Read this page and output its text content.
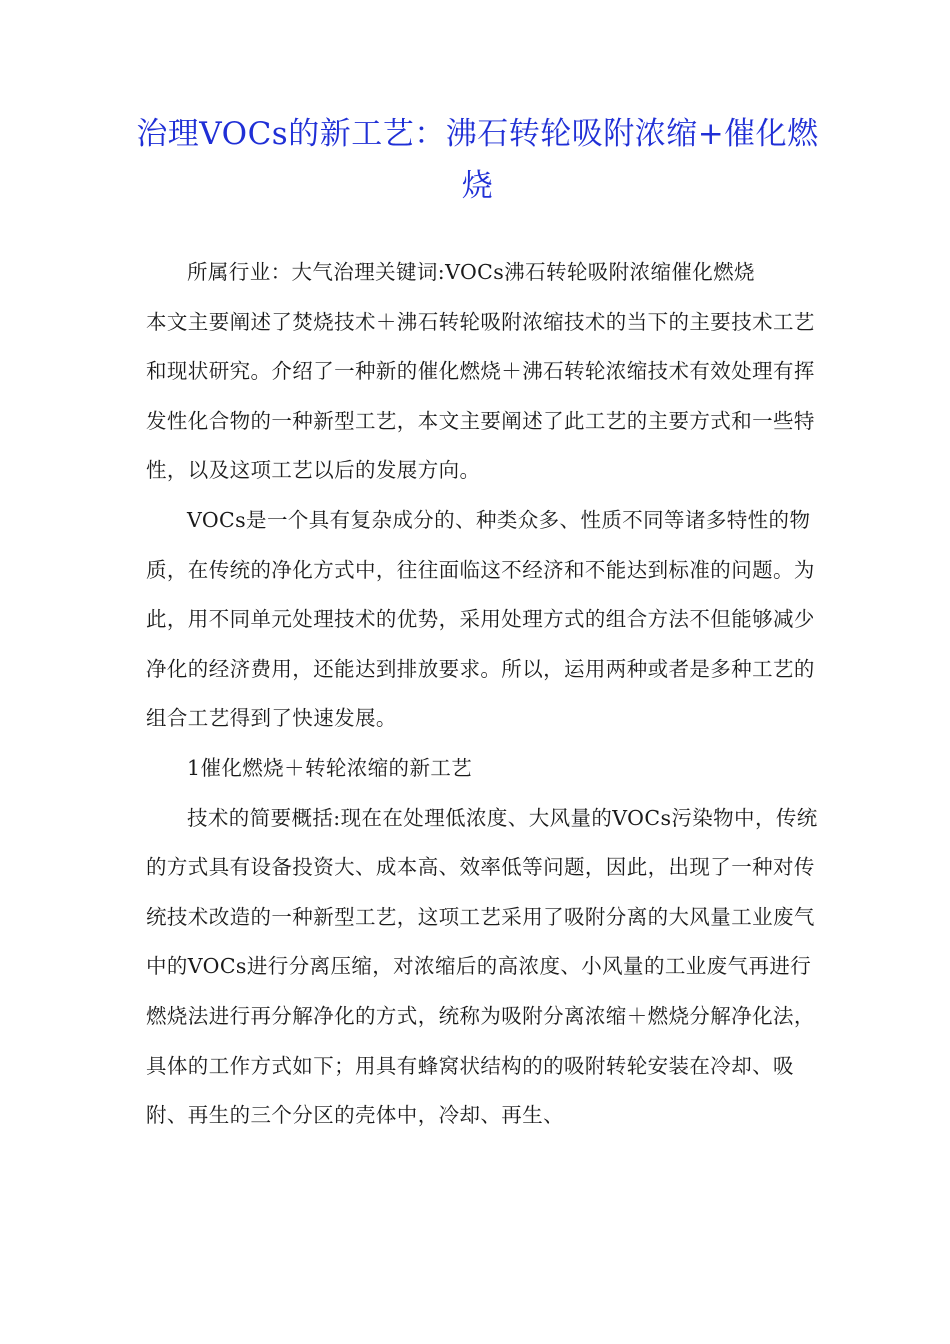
治理VOCs的新工艺：沸石转轮吸附浓缩+催化燃烧

所属行业：大气治理关键词:VOCs沸石转轮吸附浓缩催化燃烧

本文主要阐述了焚烧技术＋沸石转轮吸附浓缩技术的当下的主要技术工艺和现状研究。介绍了一种新的催化燃烧＋沸石转轮浓缩技术有效处理有挥发性化合物的一种新型工艺，本文主要阐述了此工艺的主要方式和一些特性，以及这项工艺以后的发展方向。

VOCs是一个具有复杂成分的、种类众多、性质不同等诸多特性的物质，在传统的净化方式中，往往面临这不经济和不能达到标准的问题。为此，用不同单元处理技术的优势，采用处理方式的组合方法不但能够减少净化的经济费用，还能达到排放要求。所以，运用两种或者是多种工艺的组合工艺得到了快速发展。

1催化燃烧＋转轮浓缩的新工艺

技术的简要概括:现在在处理低浓度、大风量的VOCs污染物中，传统的方式具有设备投资大、成本高、效率低等问题，因此，出现了一种对传统技术改造的一种新型工艺，这项工艺采用了吸附分离的大风量工业废气中的VOCs进行分离压缩，对浓缩后的高浓度、小风量的工业废气再进行燃烧法进行再分解净化的方式，统称为吸附分离浓缩＋燃烧分解净化法，具体的工作方式如下；用具有蜂窝状结构的的吸附转轮安装在冷却、吸附、再生的三个分区的壳体中，冷却、再生、
